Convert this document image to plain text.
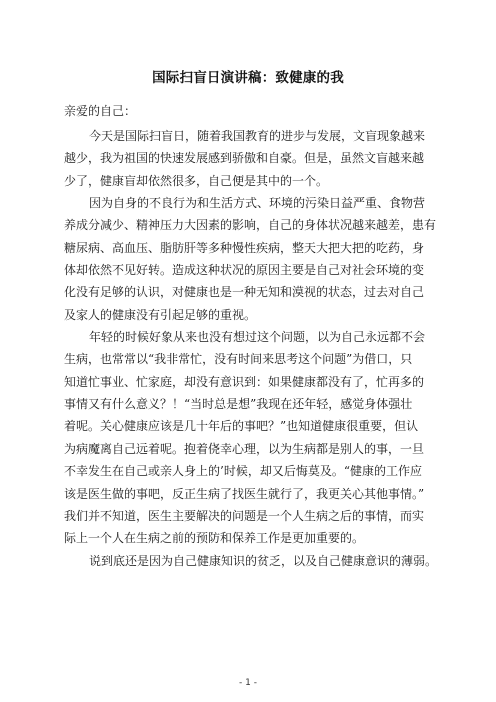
国际扫盲日演讲稿：致健康的我
亲爱的自己：
今天是国际扫盲日，随着我国教育的进步与发展，文盲现象越来
越少，我为祖国的快速发展感到骄傲和自豪。但是，虽然文盲越来越
少了，健康盲却依然很多，自己便是其中的一个。
因为自身的不良行为和生活方式、环境的污染日益严重、食物营
养成分减少、精神压力大因素的影响，自己的身体状况越来越差，患有
糖尿病、高血压、脂肪肝等多种慢性疾病，整天大把大把的吃药，身
体却依然不见好转。造成这种状况的原因主要是自己对社会环境的变
化没有足够的认识，对健康也是一种无知和漠视的状态，过去对自己
及家人的健康没有引起足够的重视。
年轻的时候好象从来也没有想过这个问题，以为自己永远都不会
生病，也常常以“我非常忙，没有时间来思考这个问题”为借口，只
知道忙事业、忙家庭，却没有意识到：如果健康都没有了，忙再多的
事情又有什么意义？！“当时总是想”我现在还年轻，感觉身体强壮
着呢。关心健康应该是几十年后的事吧？”也知道健康很重要，但认
为病魔离自己远着呢。抱着侥幸心理，以为生病都是别人的事，一旦
不幸发生在自己或亲人身上的’时候，却又后悔莫及。“健康的工作应
该是医生做的事吧，反正生病了找医生就行了，我更关心其他事情。”
我们并不知道，医生主要解决的问题是一个人生病之后的事情，而实
际上一个人在生病之前的预防和保养工作是更加重要的。
说到底还是因为自己健康知识的贫乏，以及自己健康意识的薄弱。
- 1 -
